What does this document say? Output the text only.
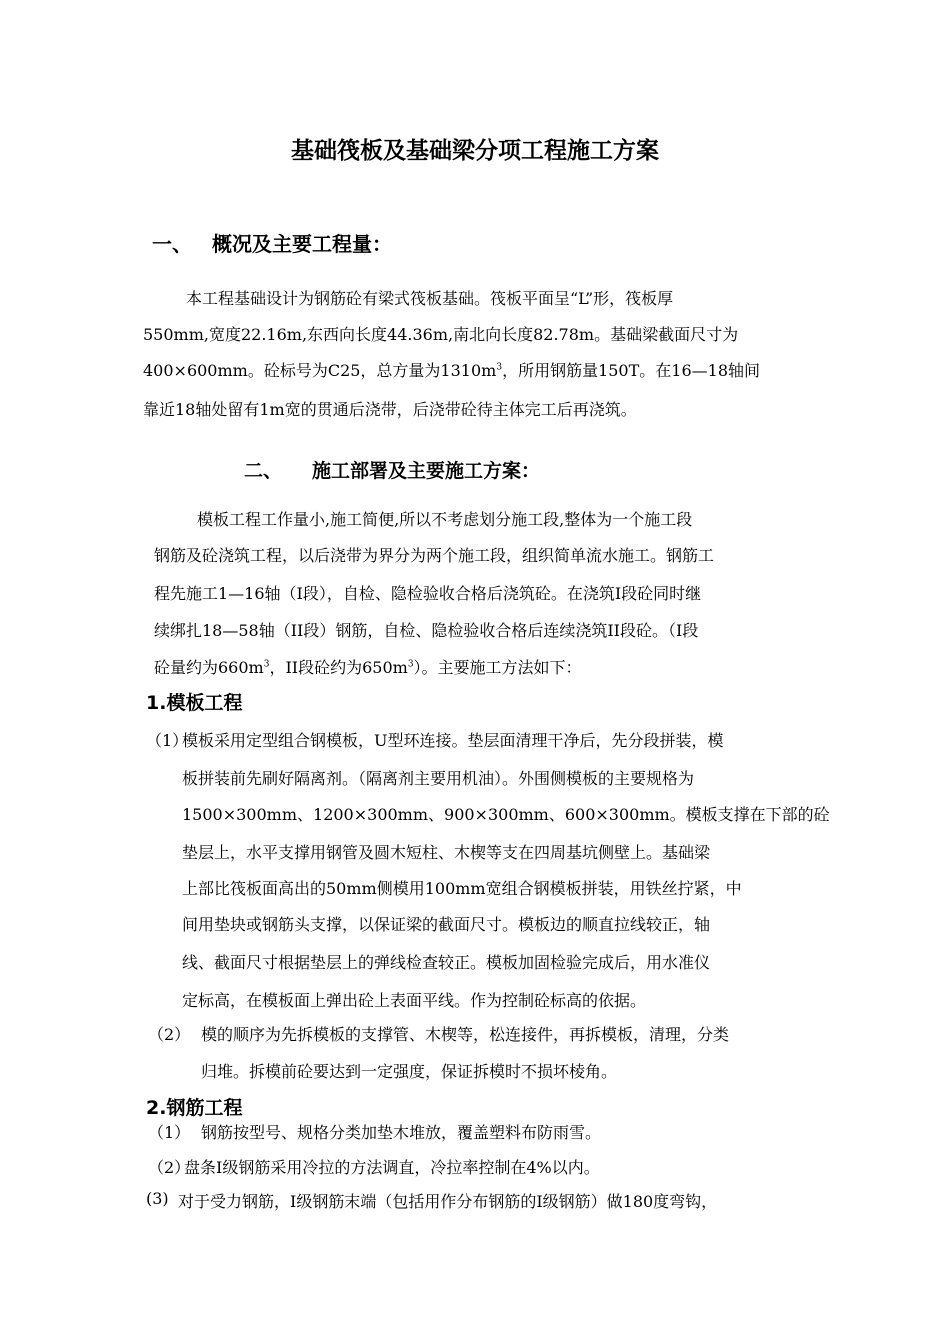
基础筏板及基础梁分项工程施工方案
一、 概况及主要工程量：
本工程基础设计为钢筋砼有梁式筏板基础。筏板平面呈“L”形，筏板厚
550mm,宽度22.16m,东西向长度44.36m,南北向长度82.78m。基础梁截面尺寸为
400×600mm。砼标号为C25，总方量为$1310m^3$，所用钢筋量150T。在16—18轴间
靠近18轴处留有1m宽的贯通后浇带，后浇带砼待主体完工后再浇筑。
二、 施工部署及主要施工方案：
模板工程工作量小,施工简便,所以不考虑划分施工段,整体为一个施工段
钢筋及砼浇筑工程，以后浇带为界分为两个施工段，组织简单流水施工。钢筋工
程先施工1—16轴（I段），自检、隐检验收合格后浇筑砼。在浇筑I段砼同时继
续绑扎18—58轴（II段）钢筋，自检、隐检验收合格后连续浇筑II段砼。（I段
砼量约为$660m^3$，II段砼约为$650m^3$）。主要施工方法如下：
1.模板工程
（1）
模板采用定型组合钢模板，U型环连接。垫层面清理干净后，先分段拼装，模
板拼装前先刷好隔离剂。（隔离剂主要用机油）。外围侧模板的主要规格为
1500×300mm、1200×300mm、900×300mm、600×300mm。模板支撑在下部的砼
垫层上，水平支撑用钢管及圆木短柱、木楔等支在四周基坑侧壁上。基础梁
上部比筏板面高出的50mm侧模用100mm宽组合钢模板拼装，用铁丝拧紧，中
间用垫块或钢筋头支撑，以保证梁的截面尺寸。模板边的顺直拉线较正，轴
线、截面尺寸根据垫层上的弹线检查较正。模板加固检验完成后，用水准仪
定标高，在模板面上弹出砼上表面平线。作为控制砼标高的依据。
（2） 模的顺序为先拆模板的支撑管、木楔等，松连接件，再拆模板，清理，分类
归堆。拆模前砼要达到一定强度，保证拆模时不损坏棱角。
2.钢筋工程
（1） 钢筋按型号、规格分类加垫木堆放，覆盖塑料布防雨雪。
（2）
盘条I级钢筋采用冷拉的方法调直，冷拉率控制在4%以内。
(3) 对于受力钢筋，I级钢筋末端（包括用作分布钢筋的I级钢筋）做180度弯钩，
